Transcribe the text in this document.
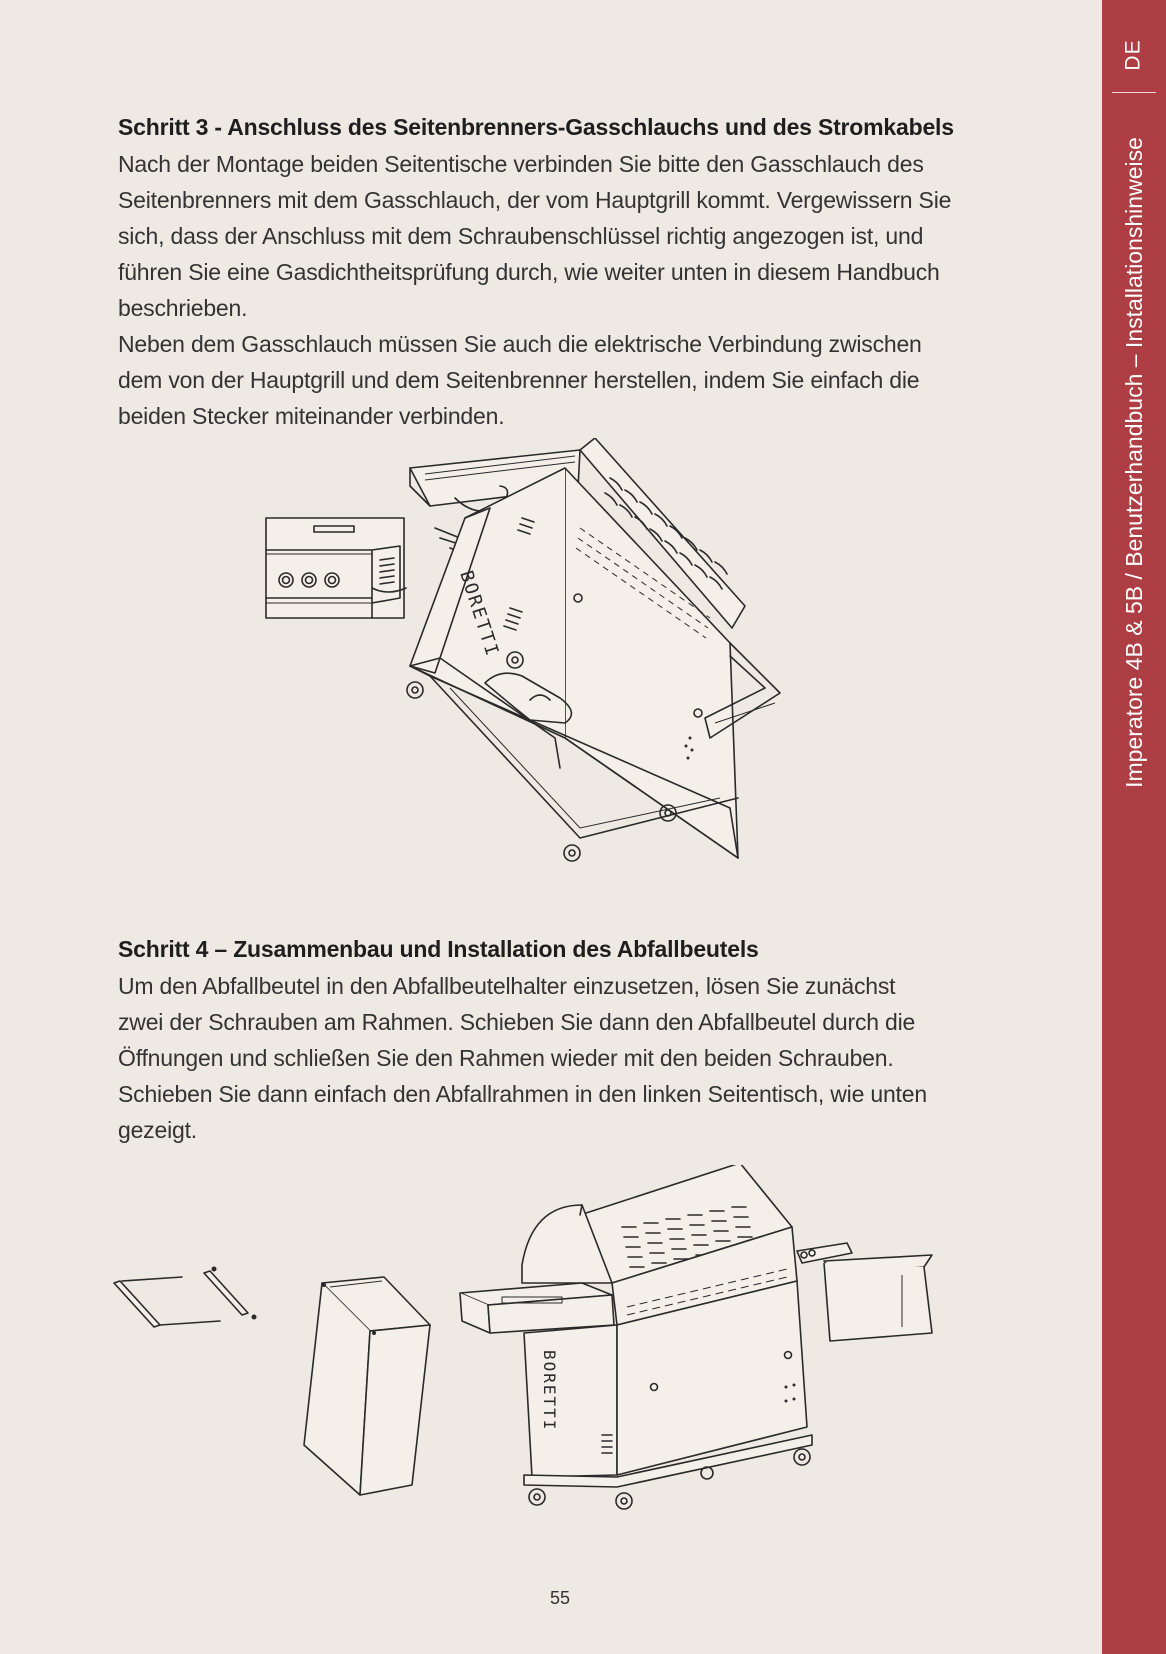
DE
Imperatore 4B & 5B / Benutzerhandbuch – Installationshinweise
Schritt 3 - Anschluss des Seitenbrenners-Gasschlauchs und des Stromkabels

Nach der Montage beiden Seitentische verbinden Sie bitte den Gasschlauch des

Seitenbrenners mit dem Gasschlauch, der vom Hauptgrill kommt. Vergewissern Sie

sich, dass der Anschluss mit dem Schraubenschlüssel richtig angezogen ist, und

führen Sie eine Gasdichtheitsprüfung durch, wie weiter unten in diesem Handbuch

beschrieben.

Neben dem Gasschlauch müssen Sie auch die elektrische Verbindung zwischen

dem von der Hauptgrill und dem Seitenbrenner herstellen, indem Sie einfach die

beiden Stecker miteinander verbinden.

BORETTI
Schritt 4 – Zusammenbau und Installation des Abfallbeutels

Um den Abfallbeutel in den Abfallbeutelhalter einzusetzen, lösen Sie zunächst

zwei der Schrauben am Rahmen. Schieben Sie dann den Abfallbeutel durch die

Öffnungen und schließen Sie den Rahmen wieder mit den beiden Schrauben.

Schieben Sie dann einfach den Abfallrahmen in den linken Seitentisch, wie unten

gezeigt.

BORETTI
55
